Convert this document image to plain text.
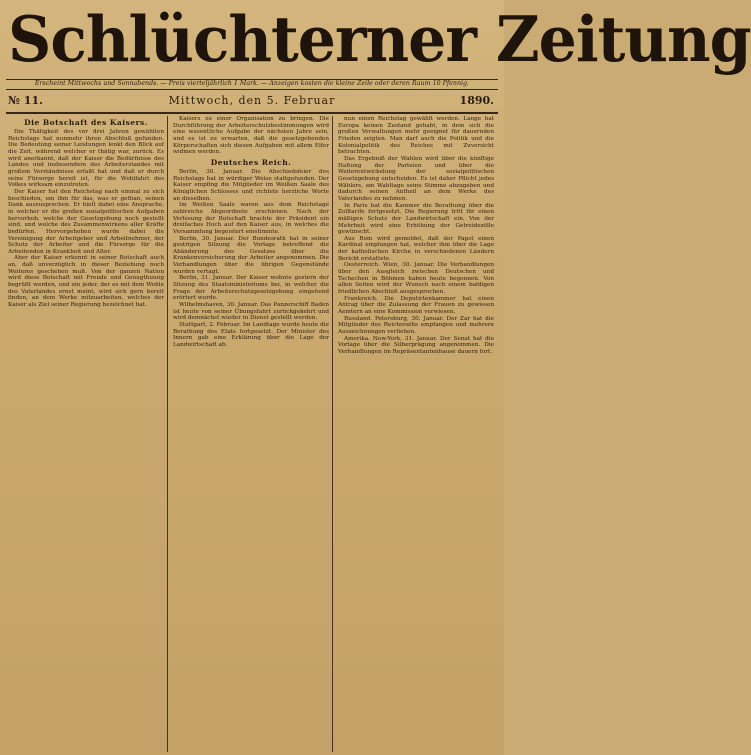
Schlüchterner Zeitung
Erscheint Mittwochs und Sonnabends. — Preis vierteljährlich 1 Mark. — Anzeigen kosten die kleine Zeile oder deren Raum 10 Pfennig.
№ 11.	Mittwoch, den 5. Februar	1890.
Die Botschaft des Kaisers.

Die Thätigkeit des vor drei Jahren gewählten Reichstags hat nunmehr ihren Abschluß gefunden. Die Bedeutung seiner Leistungen lenkt den Blick auf die Zeit, während welcher er thätig war, zurück. Es wird anerkannt, daß der Kaiser die Bedürfnisse des Landes und insbesondere des Arbeiterstandes mit großem Verständnisse erfaßt hat und daß er durch seine Fürsorge bereit ist, für die Wohlfahrt des Volkes wirksam einzutreten.

Der Kaiser hat den Reichstag nach einmal zu sich beschieden, um ihm für das, was er gethan, seinen Dank auszusprechen. Er hielt dabei eine Ansprache, in welcher er die großen sozialpolitischen Aufgaben hervorhob, welche der Gesetzgebung noch gestellt sind, und welche des Zusammenwirkens aller Kräfte bedürfen. Hervorgehoben wurde dabei die Vereinigung der Arbeitgeber und Arbeitnehmer, der Schutz der Arbeiter und die Fürsorge für die Arbeitenden in Krankheit und Alter.

Aber der Kaiser erkennt in seiner Botschaft auch an, daß unverzüglich in dieser Beziehung noch Weiteres geschehen muß. Von der ganzen Nation wird diese Botschaft mit Freude und Genugthuung begrüßt werden, und ein jeder, der es mit dem Wohle des Vaterlandes ernst meint, wird sich gern bereit finden, an dem Werke mitzuarbeiten, welches der Kaiser als Ziel seiner Regierung bezeichnet hat.

Kaisers zu einer Organisation zu bringen. Die Durchführung der Arbeiterschutzbestimmungen wird eine wesentliche Aufgabe der nächsten Jahre sein, und es ist zu erwarten, daß die gesetzgebenden Körperschaften sich diesen Aufgaben mit allem Eifer widmen werden.

Deutsches Reich.

Berlin, 30. Januar. Die Abschiedsfeier des Reichstags hat in würdiger Weise stattgefunden. Der Kaiser empfing die Mitglieder im Weißen Saale des Königlichen Schlosses und richtete herzliche Worte an dieselben.

Im Weißen Saale waren aus dem Reichstage zahlreiche Abgeordnete erschienen. Nach der Verlesung der Botschaft brachte der Präsident ein dreifaches Hoch auf den Kaiser aus, in welches die Versammlung begeistert einstimmte.

Berlin, 30. Januar. Der Bundesrath hat in seiner gestrigen Sitzung die Vorlage betreffend die Abänderung des Gesetzes über die Krankenversicherung der Arbeiter angenommen. Die Verhandlungen über die übrigen Gegenstände wurden vertagt.

Berlin, 31. Januar. Der Kaiser wohnte gestern der Sitzung des Staatsministeriums bei, in welcher die Frage der Arbeiterschutzgesetzgebung eingehend erörtert wurde.

Wilhelmshaven, 30. Januar. Das Panzerschiff Baden ist heute von seiner Übungsfahrt zurückgekehrt und wird demnächst wieder in Dienst gestellt werden.

Stuttgart, 2. Februar. Im Landtage wurde heute die Berathung des Etats fortgesetzt. Der Minister des Innern gab eine Erklärung über die Lage der Landwirtschaft ab.

nun einen Reichstag gewählt werden. Lange hat Europa keinen Zustand gehabt, in dem sich die großen Verwaltungen mehr geeignet für dauernden Frieden zeigten. Man darf auch die Politik und die Kolonialpolitik des Reiches mit Zuversicht betrachten.

Das Ergebniß der Wahlen wird über die künftige Haltung der Parteien und über die Weiterentwickelung der sozialpolitischen Gesetzgebung entscheiden. Es ist daher Pflicht jedes Wählers, am Wahltage seine Stimme abzugeben und dadurch seinen Antheil an dem Werke des Vaterlandes zu nehmen.

In Paris hat die Kammer die Berathung über die Zolltarife fortgesetzt. Die Regierung tritt für einen mäßigen Schutz der Landwirtschaft ein. Von der Mehrheit wird eine Erhöhung der Getreidezölle gewünscht.

Aus Rom wird gemeldet, daß der Papst einen Kardinal empfangen hat, welcher ihm über die Lage der katholischen Kirche in verschiedenen Ländern Bericht erstattete.

Oesterreich. Wien, 30. Januar. Die Verhandlungen über den Ausgleich zwischen Deutschen und Tschechen in Böhmen haben heute begonnen. Von allen Seiten wird der Wunsch nach einem baldigen friedlichen Abschluß ausgesprochen.

Frankreich. Die Deputirtenkammer hat einen Antrag über die Zulassung der Frauen zu gewissen Aemtern an eine Kommission verwiesen.

Russland. Petersburg, 30. Januar. Der Zar hat die Mitglieder des Reichsraths empfangen und mehrere Auszeichnungen verliehen.

Amerika. New-York, 31. Januar. Der Senat hat die Vorlage über die Silberprägung angenommen. Die Verhandlungen im Repräsentantenhause dauern fort.
